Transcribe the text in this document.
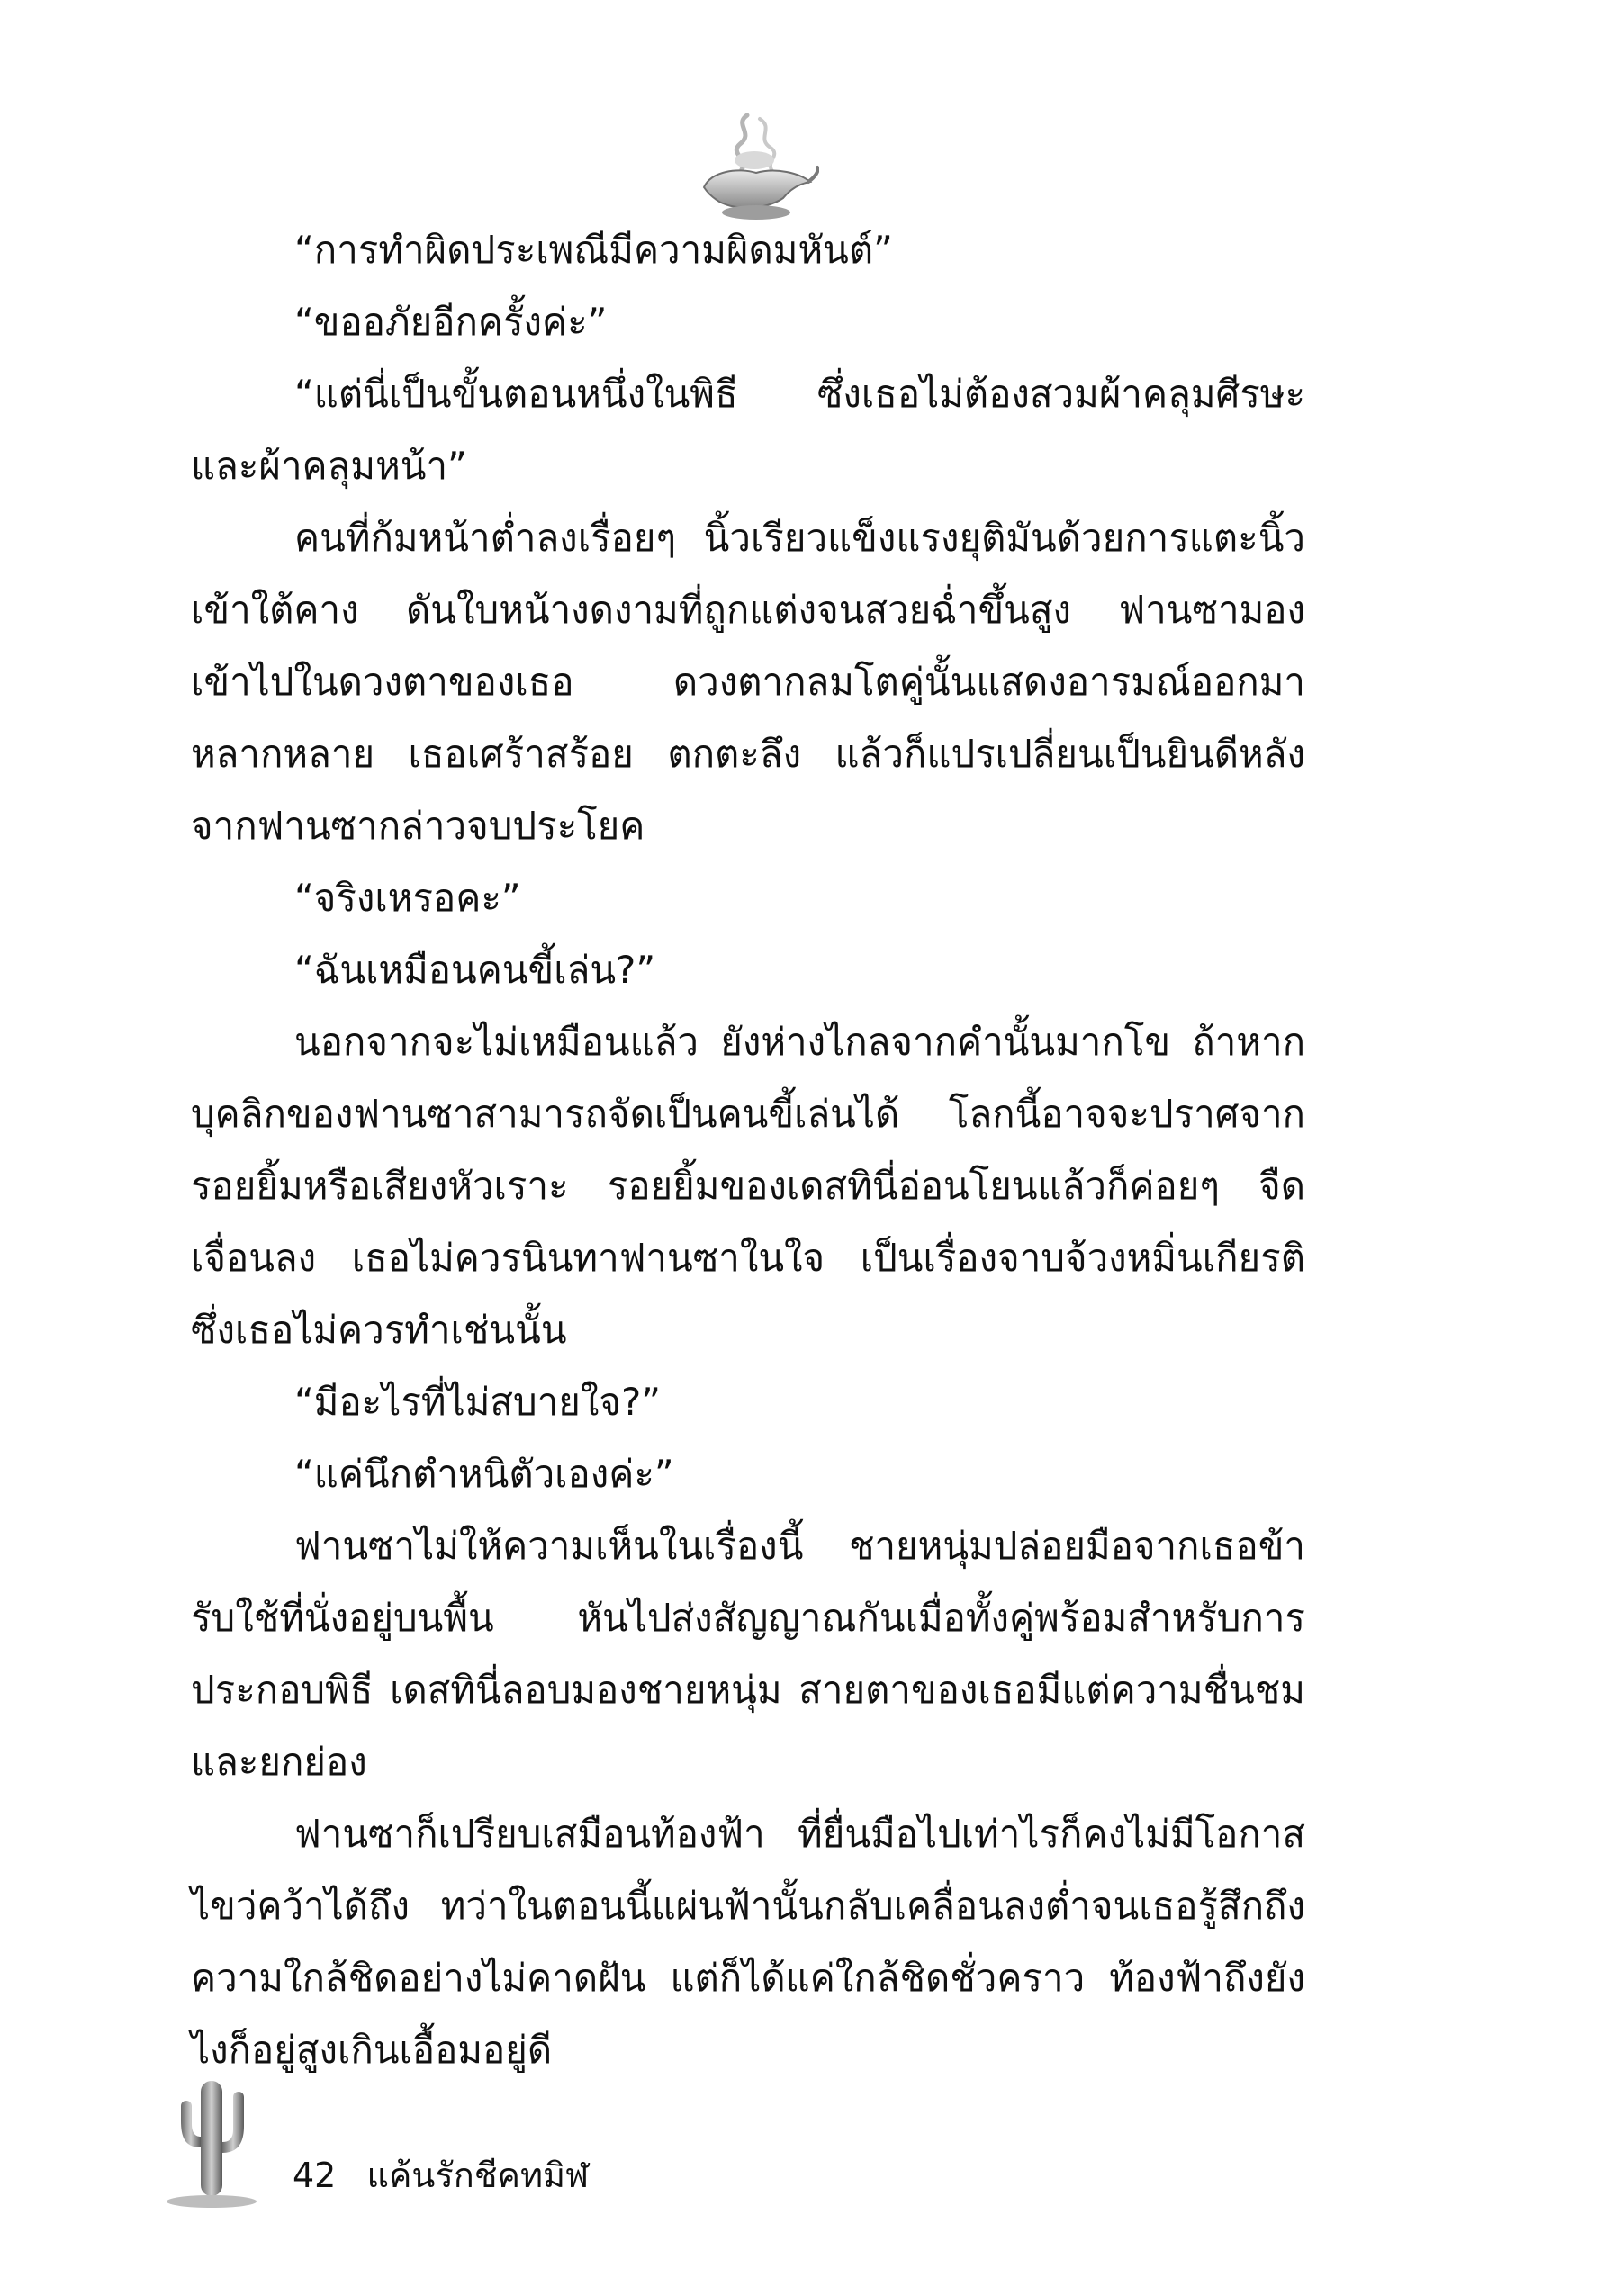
“การทำผิดประเพณีมีความผิดมหันต์”

“ขออภัยอีกครั้งค่ะ”

“แต่นี่เป็นขั้นตอนหนึ่งในพิธี ซึ่งเธอไม่ต้องสวมผ้าคลุมศีรษะและผ้าคลุมหน้า”

คนที่ก้มหน้าต่ำลงเรื่อยๆ นิ้วเรียวแข็งแรงยุติมันด้วยการแตะนิ้วเข้าใต้คาง ดันใบหน้างดงามที่ถูกแต่งจนสวยฉ่ำขึ้นสูง ฟานซามองเข้าไปในดวงตาของเธอ ดวงตากลมโตคู่นั้นแสดงอารมณ์ออกมาหลากหลาย เธอเศร้าสร้อย ตกตะลึง แล้วก็แปรเปลี่ยนเป็นยินดีหลังจากฟานซากล่าวจบประโยค

“จริงเหรอคะ”

“ฉันเหมือนคนขี้เล่น?”

นอกจากจะไม่เหมือนแล้ว ยังห่างไกลจากคำนั้นมากโข ถ้าหากบุคลิกของฟานซาสามารถจัดเป็นคนขี้เล่นได้ โลกนี้อาจจะปราศจากรอยยิ้มหรือเสียงหัวเราะ รอยยิ้มของเดสทินี่อ่อนโยนแล้วก็ค่อยๆ จืดเจื่อนลง เธอไม่ควรนินทาฟานซาในใจ เป็นเรื่องจาบจ้วงหมิ่นเกียรติ ซึ่งเธอไม่ควรทำเช่นนั้น

“มีอะไรที่ไม่สบายใจ?”

“แค่นึกตำหนิตัวเองค่ะ”

ฟานซาไม่ให้ความเห็นในเรื่องนี้ ชายหนุ่มปล่อยมือจากเธอข้ารับใช้ที่นั่งอยู่บนพื้น หันไปส่งสัญญาณกันเมื่อทั้งคู่พร้อมสำหรับการประกอบพิธี เดสทินี่ลอบมองชายหนุ่ม สายตาของเธอมีแต่ความชื่นชมและยกย่อง

ฟานซาก็เปรียบเสมือนท้องฟ้า ที่ยื่นมือไปเท่าไรก็คงไม่มีโอกาสไขว่คว้าได้ถึง ทว่าในตอนนี้แผ่นฟ้านั้นกลับเคลื่อนลงต่ำจนเธอรู้สึกถึงความใกล้ชิดอย่างไม่คาดฝัน แต่ก็ได้แค่ใกล้ชิดชั่วคราว ท้องฟ้าถึงยังไงก็อยู่สูงเกินเอื้อมอยู่ดี

42 แค้นรักชีคทมิฬ
